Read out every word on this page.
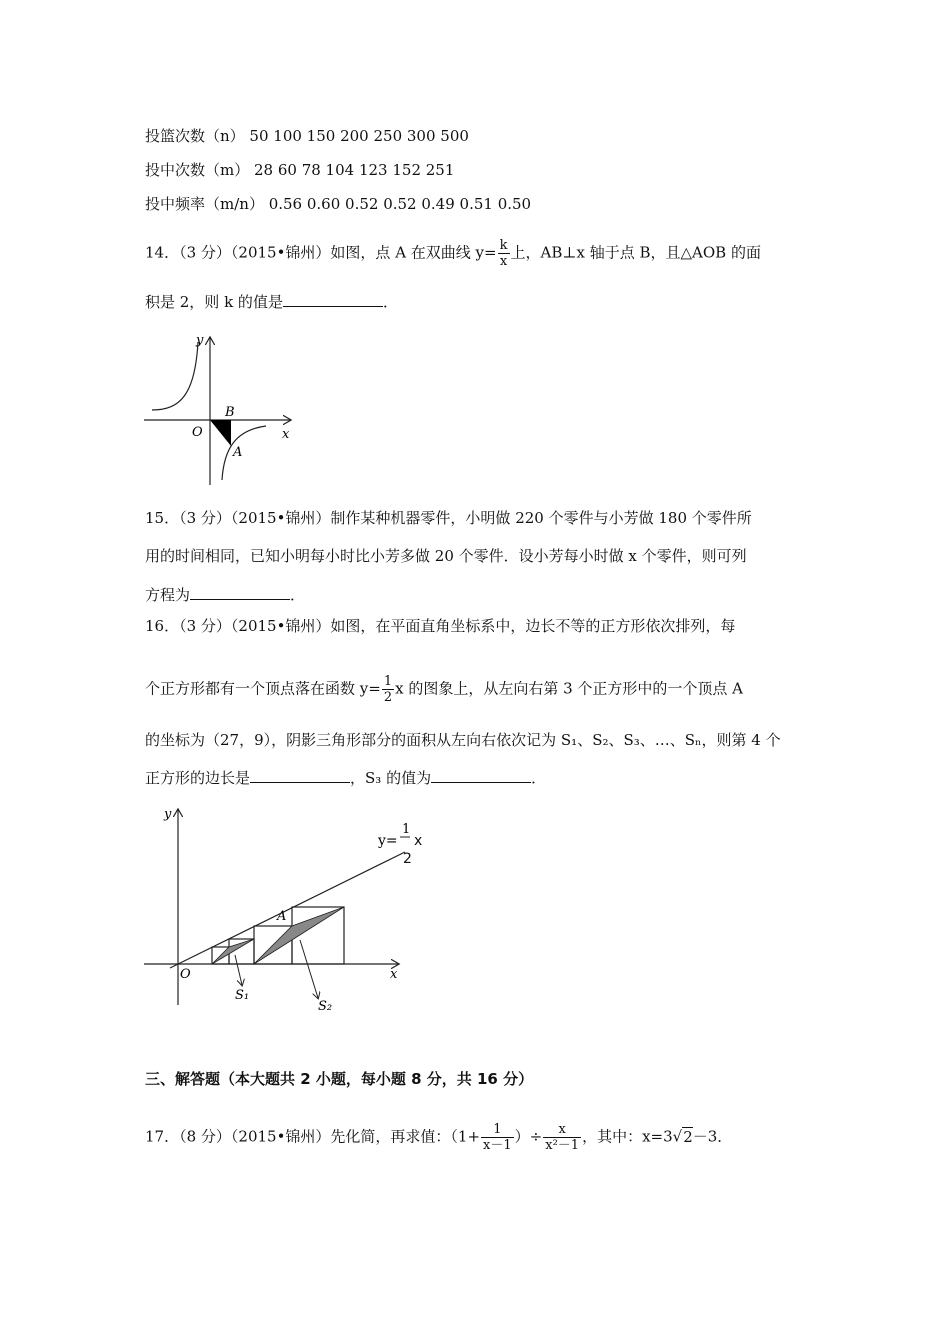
投篮次数（n） 50 100 150 200 250 300 500
投中次数（m） 28 60 78 104 123 152 251
投中频率（m/n） 0.56 0.60 0.52 0.52 0.49 0.51 0.50
14．（3 分）（2015•锦州）如图，点 A 在双曲线 $y= \frac{k}{x}$ 上，AB⊥x 轴于点 B，且△AOB 的面
积是 2，则 k 的值是	．
y
x
O
B
A
15．（3 分）（2015•锦州）制作某种机器零件，小明做 220 个零件与小芳做 180 个零件所
用的时间相同，已知小明每小时比小芳多做 20 个零件．设小芳每小时做 x 个零件，则可列
方程为	．
16．（3 分）（2015•锦州）如图，在平面直角坐标系中，边长不等的正方形依次排列，每
个正方形都有一个顶点落在函数 $y= \frac{1}{2}$ x 的图象上，从左向右第 3 个正方形中的一个顶点 A
的坐标为（27，9），阴影三角形部分的面积从左向右依次记为 S₁、S₂、S₃、…、Sₙ，则第 4 个
正方形的边长是	，S₃ 的值为	．
y
x
O
A
S₁
S₂
y=
1
2
x
三、解答题（本大题共 2 小题，每小题 8 分，共 16 分）
17．（8 分）（2015•锦州）先化简，再求值：（$1+ \frac{1}{x-1}$ ）÷ $\frac{x}{\text{x²－1}}$ ，其中：x=3√2－3．
